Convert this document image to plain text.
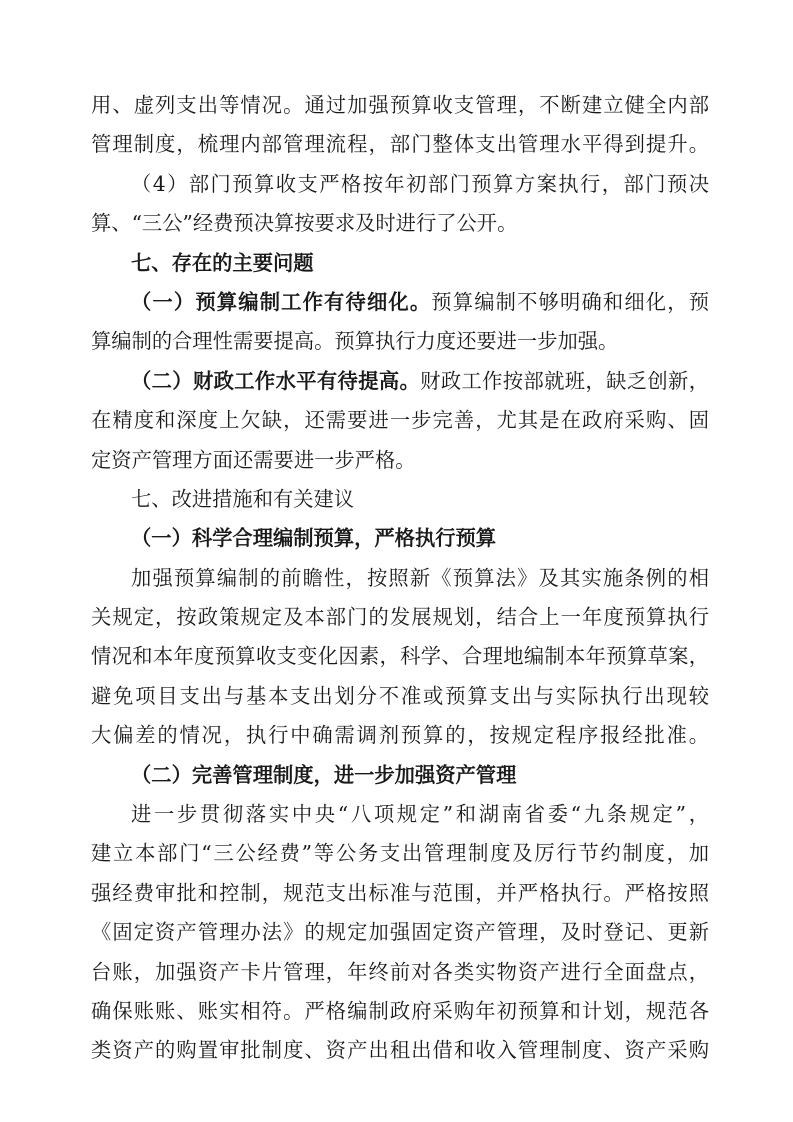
用、虚列支出等情况。通过加强预算收支管理，不断建立健全内部
管理制度，梳理内部管理流程，部门整体支出管理水平得到提升。
（4）部门预算收支严格按年初部门预算方案执行，部门预决
算、“三公”经费预决算按要求及时进行了公开。
七、存在的主要问题
（一）预算编制工作有待细化。预算编制不够明确和细化，预
算编制的合理性需要提高。预算执行力度还要进一步加强。
（二）财政工作水平有待提高。财政工作按部就班，缺乏创新，
在精度和深度上欠缺，还需要进一步完善，尤其是在政府采购、固
定资产管理方面还需要进一步严格。
七、改进措施和有关建议
（一）科学合理编制预算，严格执行预算
加强预算编制的前瞻性，按照新《预算法》及其实施条例的相
关规定，按政策规定及本部门的发展规划，结合上一年度预算执行
情况和本年度预算收支变化因素，科学、合理地编制本年预算草案，
避免项目支出与基本支出划分不准或预算支出与实际执行出现较
大偏差的情况，执行中确需调剂预算的，按规定程序报经批准。
（二）完善管理制度，进一步加强资产管理
进一步贯彻落实中央“八项规定”和湖南省委“九条规定”，
建立本部门“三公经费”等公务支出管理制度及厉行节约制度，加
强经费审批和控制，规范支出标准与范围，并严格执行。严格按照
《固定资产管理办法》的规定加强固定资产管理，及时登记、更新
台账，加强资产卡片管理，年终前对各类实物资产进行全面盘点，
确保账账、账实相符。严格编制政府采购年初预算和计划，规范各
类资产的购置审批制度、资产出租出借和收入管理制度、资产采购
